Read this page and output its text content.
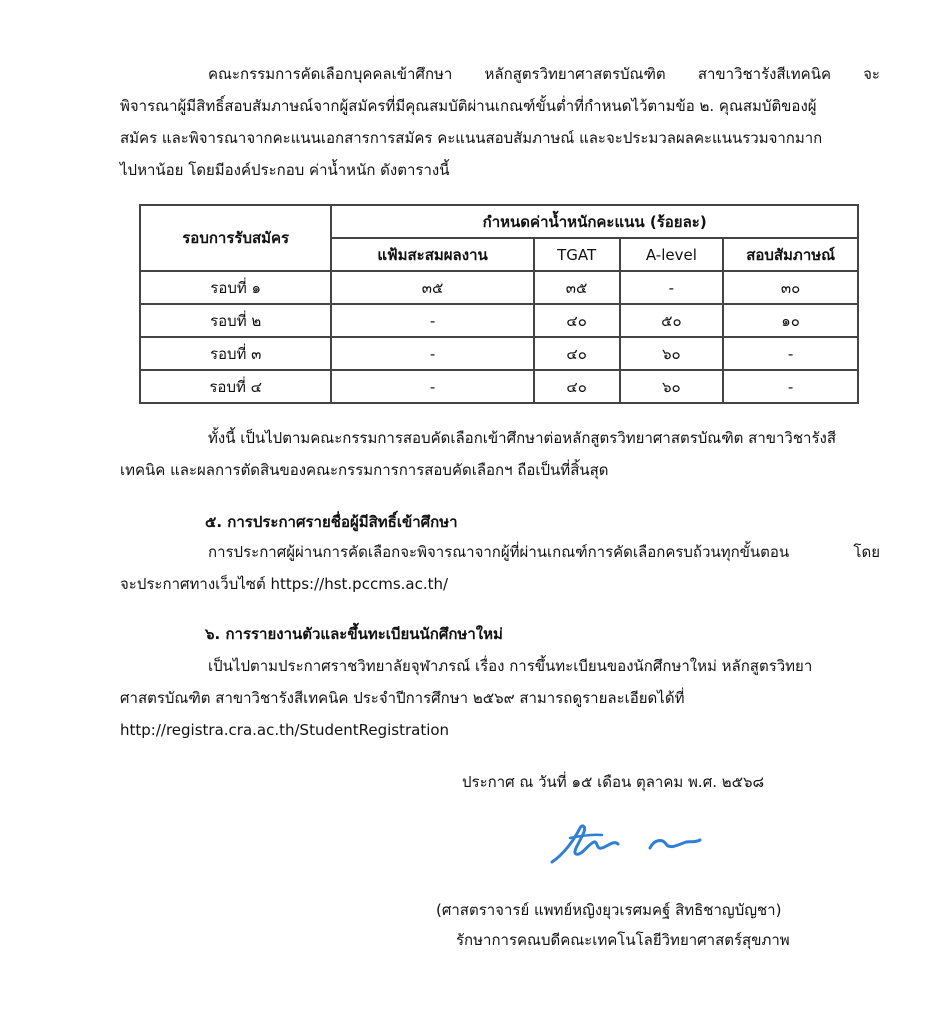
คณะกรรมการคัดเลือกบุคคลเข้าศึกษา หลักสูตรวิทยาศาสตรบัณฑิต สาขาวิชารังสีเทคนิค จะ
พิจารณาผู้มีสิทธิ์สอบสัมภาษณ์จากผู้สมัครที่มีคุณสมบัติผ่านเกณฑ์ขั้นต่ำที่กำหนดไว้ตามข้อ ๒. คุณสมบัติของผู้
สมัคร และพิจารณาจากคะแนนเอกสารการสมัคร คะแนนสอบสัมภาษณ์ และจะประมวลผลคะแนนรวมจากมาก
ไปหาน้อย โดยมีองค์ประกอบ ค่าน้ำหนัก ดังตารางนี้
รอบการรับสมัคร	กำหนดค่าน้ำหนักคะแนน (ร้อยละ)			
	แฟ้มสะสมผลงาน	TGAT	A-level	สอบสัมภาษณ์
รอบที่ ๑	๓๕	๓๕	-	๓๐
รอบที่ ๒	-	๔๐	๕๐	๑๐
รอบที่ ๓	-	๔๐	๖๐	-
รอบที่ ๔	-	๔๐	๖๐	-
ทั้งนี้ เป็นไปตามคณะกรรมการสอบคัดเลือกเข้าศึกษาต่อหลักสูตรวิทยาศาสตรบัณฑิต สาขาวิชารังสี
เทคนิค และผลการตัดสินของคณะกรรมการการสอบคัดเลือกฯ ถือเป็นที่สิ้นสุด
๕. การประกาศรายชื่อผู้มีสิทธิ์เข้าศึกษา
การประกาศผู้ผ่านการคัดเลือกจะพิจารณาจากผู้ที่ผ่านเกณฑ์การคัดเลือกครบถ้วนทุกขั้นตอน	โดย
จะประกาศทางเว็บไซต์ https://hst.pccms.ac.th/
๖. การรายงานตัวและขึ้นทะเบียนนักศึกษาใหม่
เป็นไปตามประกาศราชวิทยาลัยจุฬาภรณ์ เรื่อง การขึ้นทะเบียนของนักศึกษาใหม่ หลักสูตรวิทยา
ศาสตรบัณฑิต สาขาวิชารังสีเทคนิค ประจำปีการศึกษา ๒๕๖๙ สามารถดูรายละเอียดได้ที่
http://registra.cra.ac.th/StudentRegistration
ประกาศ ณ วันที่ ๑๕ เดือน ตุลาคม พ.ศ. ๒๕๖๘
(ศาสตราจารย์ แพทย์หญิงยุวเรศมคฐ์ สิทธิชาญบัญชา)
รักษาการคณบดีคณะเทคโนโลยีวิทยาศาสตร์สุขภาพ
